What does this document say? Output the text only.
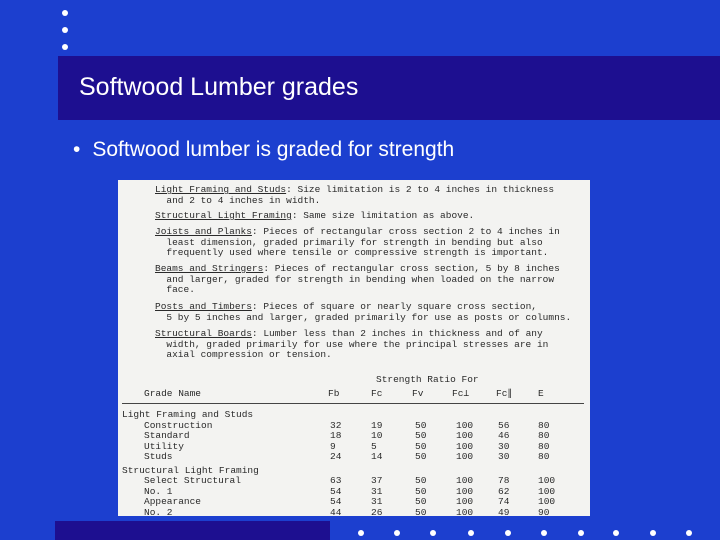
Softwood Lumber grades
• Softwood lumber is graded for strength
Light Framing and Studs: Size limitation is 2 to 4 inches in thickness
and 2 to 4 inches in width.
Structural Light Framing: Same size limitation as above.
Joists and Planks: Pieces of rectangular cross section 2 to 4 inches in
least dimension, graded primarily for strength in bending but also
frequently used where tensile or compressive strength is important.
Beams and Stringers: Pieces of rectangular cross section, 5 by 8 inches
and larger, graded for strength in bending when loaded on the narrow
face.
Posts and Timbers: Pieces of square or nearly square cross section,
5 by 5 inches and larger, graded primarily for use as posts or columns.
Structural Boards: Lumber less than 2 inches in thickness and of any
width, graded primarily for use where the principal stresses are in
axial compression or tension.
Strength Ratio For
Grade Name	Fb	Fc	Fv	Fc⊥	Fc∥	E
Light Framing and Studs
Construction	32	19	50	100	56	80
Standard	18	10	50	100	46	80
Utility	9	5	50	100	30	80
Studs	24	14	50	100	30	80
Structural Light Framing
Select Structural	63	37	50	100	78	100
No. 1	54	31	50	100	62	100
Appearance	54	31	50	100	74	100
No. 2	44	26	50	100	49	90
